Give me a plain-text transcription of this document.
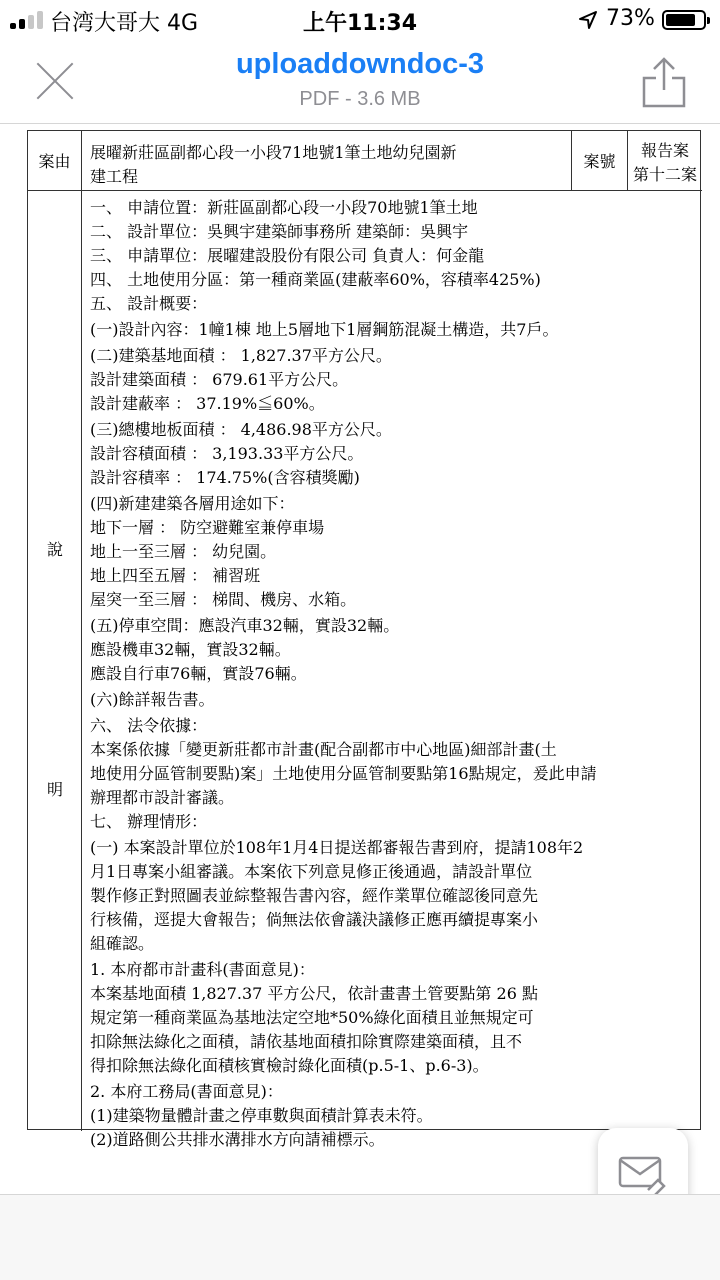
台湾大哥大 4G	上午11:34	73%
uploaddowndoc-3
PDF - 3.6 MB
案由 展曜新莊區副都心段一小段71地號1筆土地幼兒園新
建工程
案號
報告案
第十二案
說
明
一、 申請位置：新莊區副都心段一小段70地號1筆土地
二、 設計單位：吳興宇建築師事務所 建築師：吳興宇
三、 申請單位：展曜建設股份有限公司 負責人：何金龍
四、 土地使用分區：第一種商業區(建蔽率60%，容積率425%)
五、 設計概要：
(一)設計內容：1幢1棟 地上5層地下1層鋼筋混凝土構造，共7戶。
(二)建築基地面積 ： 1,827.37平方公尺。
設計建築面積 ： 679.61平方公尺。
設計建蔽率 ： 37.19%≦60%。
(三)總樓地板面積 ： 4,486.98平方公尺。
設計容積面積 ： 3,193.33平方公尺。
設計容積率 ： 174.75%(含容積獎勵)
(四)新建建築各層用途如下：
地下一層 ： 防空避難室兼停車場
地上一至三層 ： 幼兒園。
地上四至五層 ： 補習班
屋突一至三層 ： 梯間、機房、水箱。
(五)停車空間：應設汽車32輛，實設32輛。
應設機車32輛，實設32輛。
應設自行車76輛，實設76輛。
(六)餘詳報告書。
六、 法令依據：
本案係依據「變更新莊都市計畫(配合副都市中心地區)細部計畫(土
地使用分區管制要點)案」土地使用分區管制要點第16點規定，爰此申請
辦理都市設計審議。
七、 辦理情形：
(一) 本案設計單位於108年1月4日提送都審報告書到府，提請108年2
月1日專案小組審議。本案依下列意見修正後通過，請設計單位
製作修正對照圖表並綜整報告書內容，經作業單位確認後同意先
行核備，逕提大會報告；倘無法依會議決議修正應再續提專案小
組確認。
1. 本府都市計畫科(書面意見)：
本案基地面積 1,827.37 平方公尺，依計畫書土管要點第 26 點
規定第一種商業區為基地法定空地*50%綠化面積且並無規定可
扣除無法綠化之面積，請依基地面積扣除實際建築面積，且不
得扣除無法綠化面積核實檢討綠化面積(p.5-1、p.6-3)。
2. 本府工務局(書面意見)：
(1)建築物量體計畫之停車數與面積計算表未符。
(2)道路側公共排水溝排水方向請補標示。
